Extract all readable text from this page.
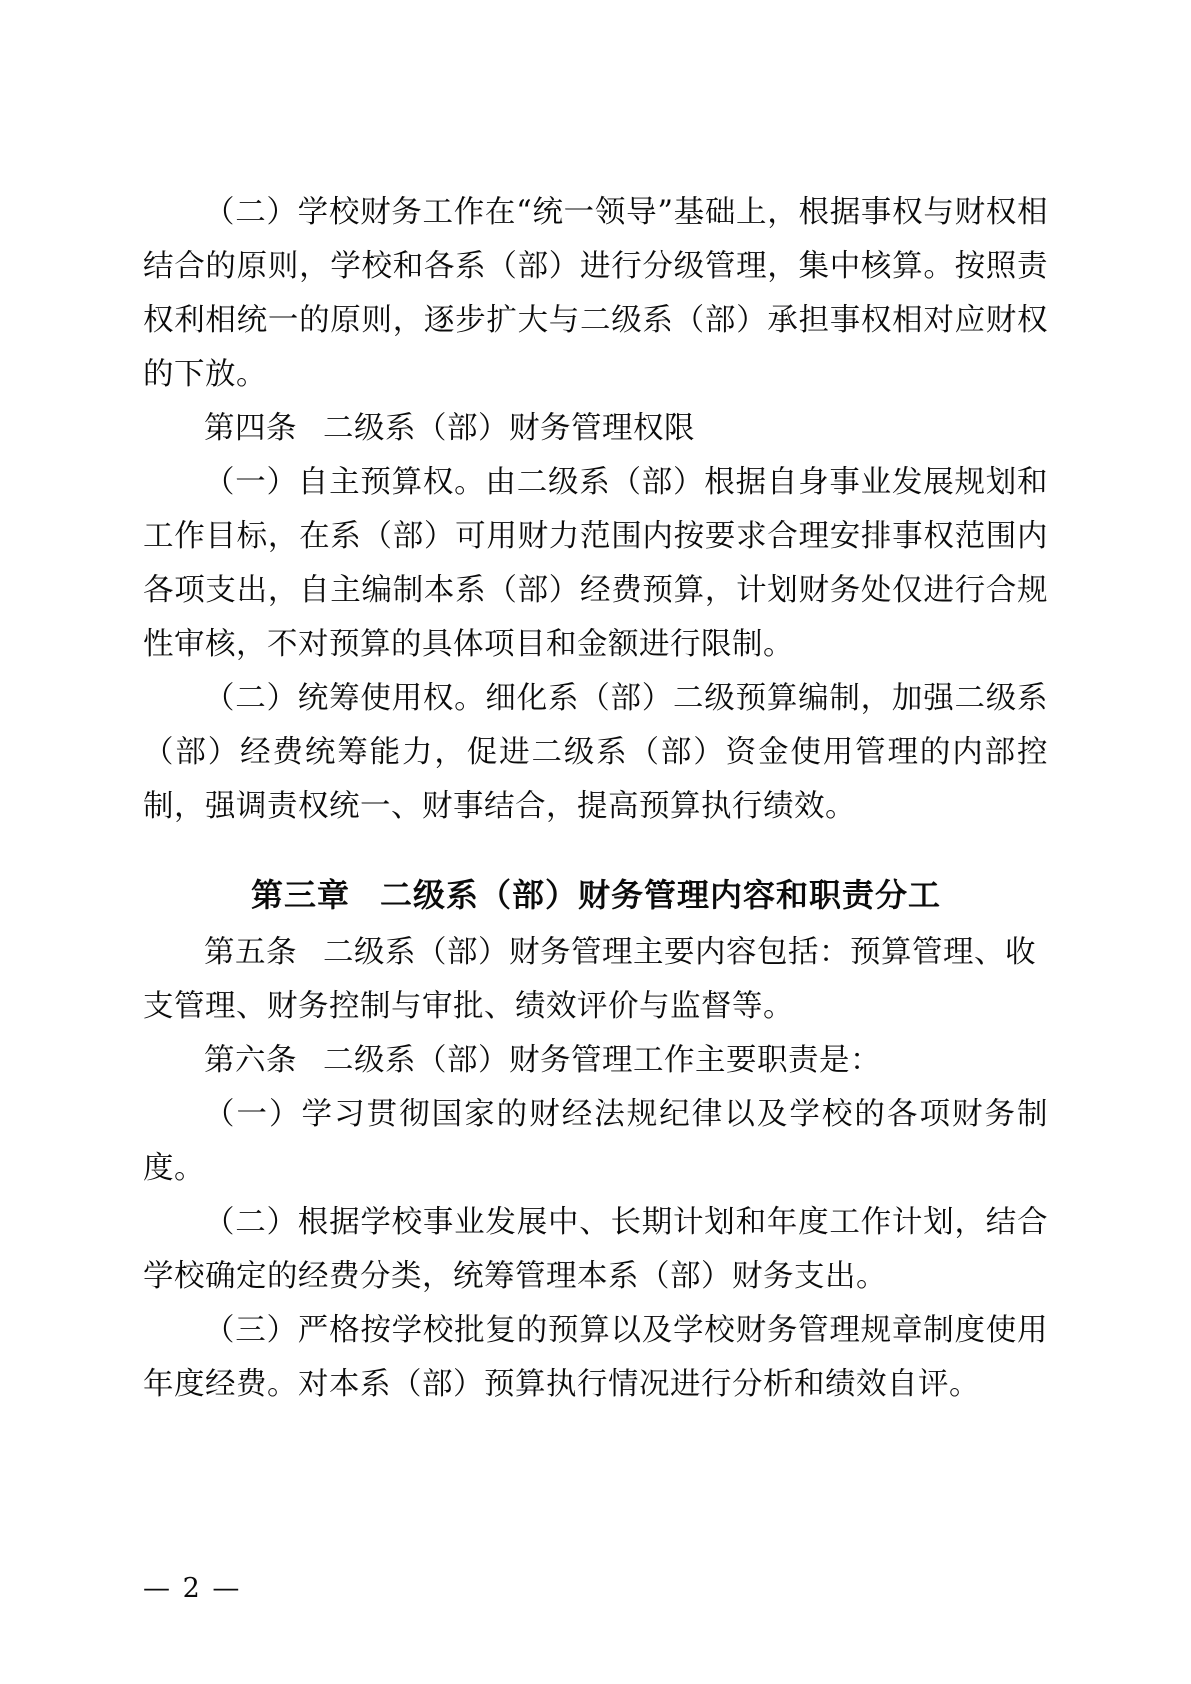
（二）学校财务工作在“统一领导”基础上，根据事权与财权相结合的原则，学校和各系（部）进行分级管理，集中核算。按照责权利相统一的原则，逐步扩大与二级系（部）承担事权相对应财权的下放。

第四条 二级系（部）财务管理权限

（一）自主预算权。由二级系（部）根据自身事业发展规划和工作目标，在系（部）可用财力范围内按要求合理安排事权范围内各项支出，自主编制本系（部）经费预算，计划财务处仅进行合规性审核，不对预算的具体项目和金额进行限制。

（二）统筹使用权。细化系（部）二级预算编制，加强二级系（部）经费统筹能力，促进二级系（部）资金使用管理的内部控制，强调责权统一、财事结合，提高预算执行绩效。

第三章 二级系（部）财务管理内容和职责分工

第五条 二级系（部）财务管理主要内容包括：预算管理、收支管理、财务控制与审批、绩效评价与监督等。

第六条 二级系（部）财务管理工作主要职责是：

（一）学习贯彻国家的财经法规纪律以及学校的各项财务制度。

（二）根据学校事业发展中、长期计划和年度工作计划，结合学校确定的经费分类，统筹管理本系（部）财务支出。

（三）严格按学校批复的预算以及学校财务管理规章制度使用年度经费。对本系（部）预算执行情况进行分析和绩效自评。

— 2 —
